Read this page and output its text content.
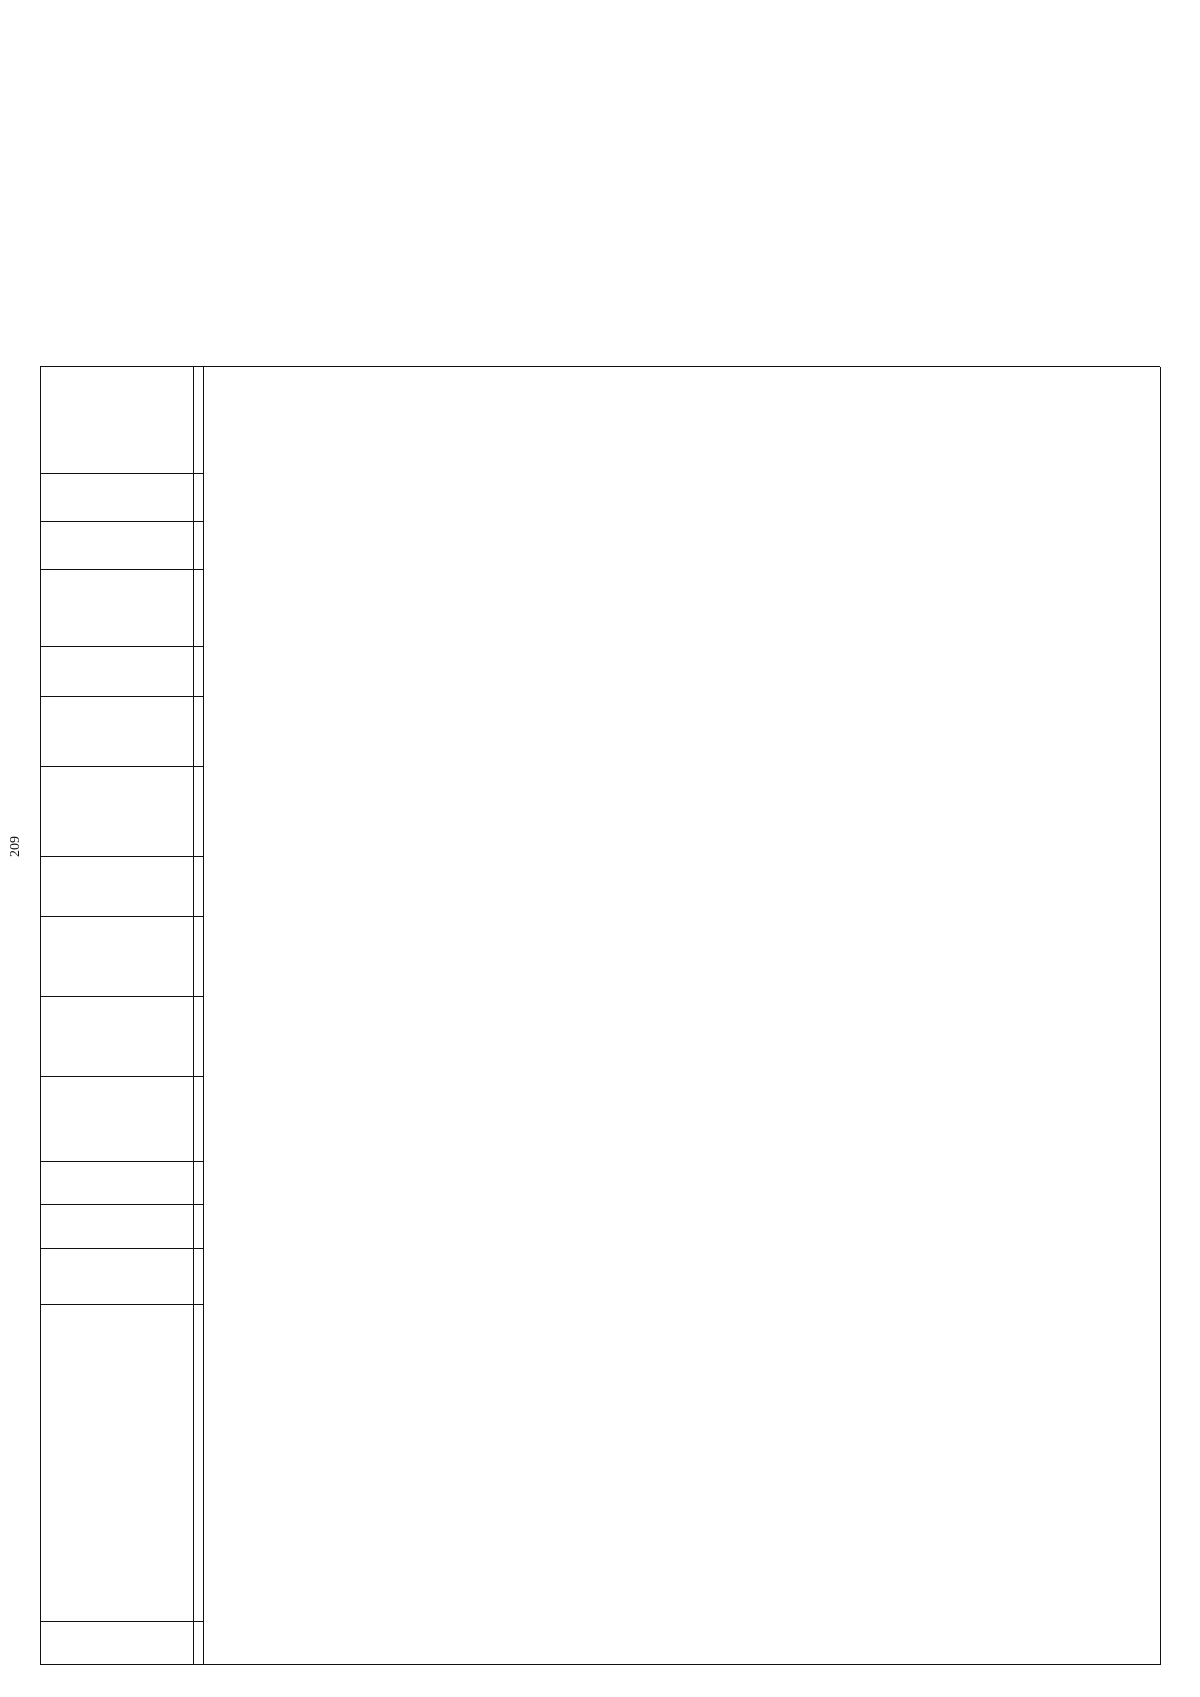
209
